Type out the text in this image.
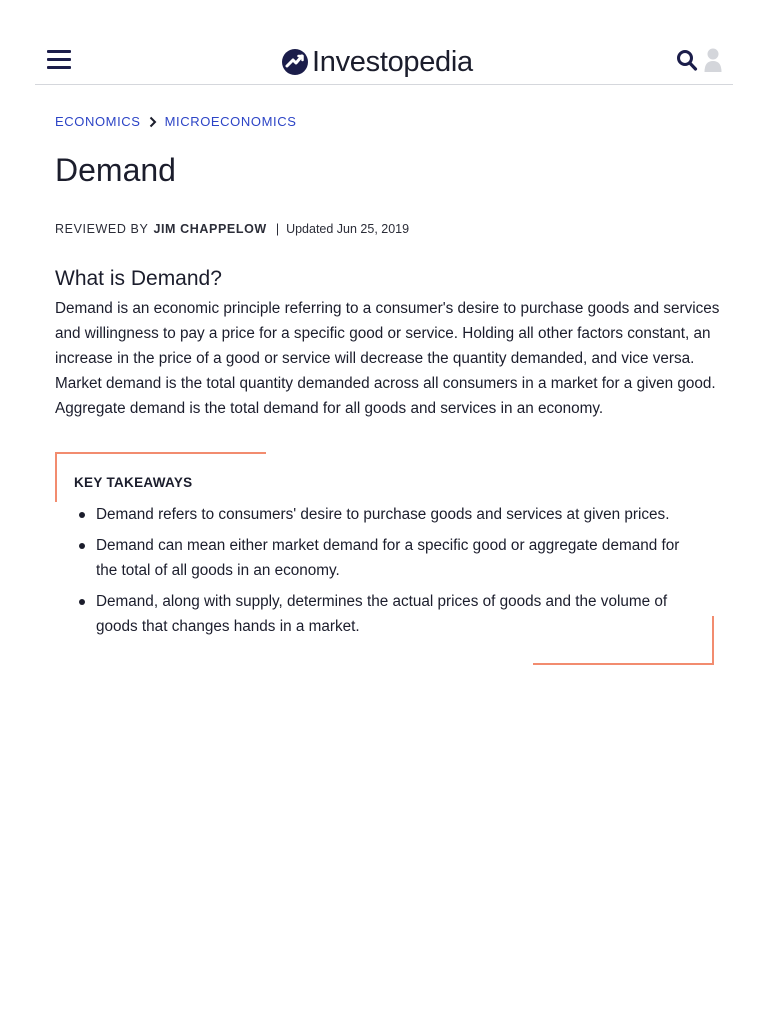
Investopedia
ECONOMICS MICROECONOMICS
Demand
REVIEWED BY JIM CHAPPELOW | Updated Jun 25, 2019
What is Demand?

Demand is an economic principle referring to a consumer's desire to purchase goods and services and willingness to pay a price for a specific good or service. Holding all other factors constant, an increase in the price of a good or service will decrease the quantity demanded, and vice versa. Market demand is the total quantity demanded across all consumers in a market for a given good. Aggregate demand is the total demand for all goods and services in an economy.

KEY TAKEAWAYS
Demand refers to consumers' desire to purchase goods and services at given prices.
Demand can mean either market demand for a specific good or aggregate demand for the total of all goods in an economy.
Demand, along with supply, determines the actual prices of goods and the volume of goods that changes hands in a market.
